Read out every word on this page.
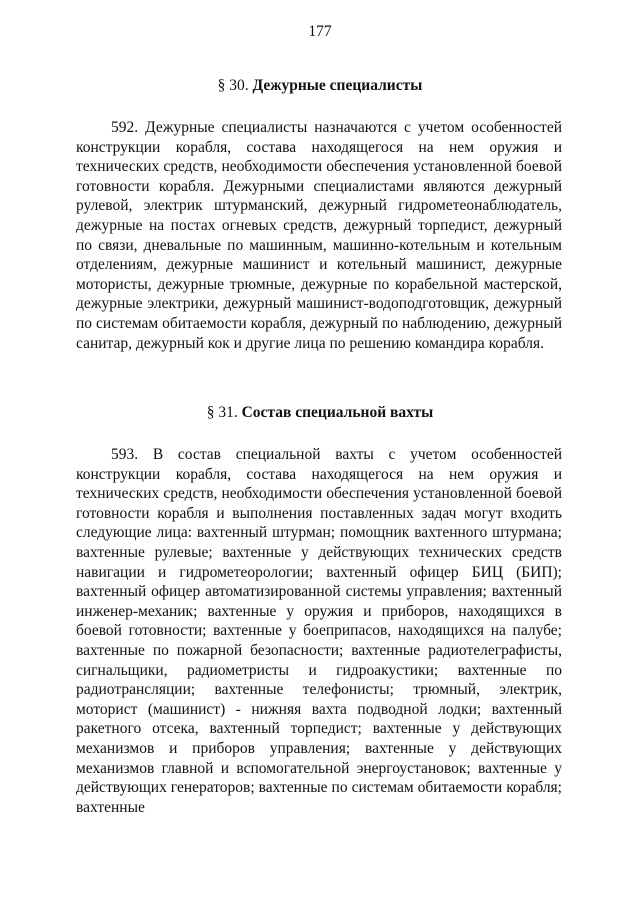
177
§ 30. Дежурные специалисты

592. Дежурные специалисты назначаются с учетом особенностей конструкции корабля, состава находящегося на нем оружия и технических средств, необходимости обеспечения установленной боевой готовности корабля. Дежурными специалистами являются дежурный рулевой, электрик штурманский, дежурный гидрометеонаблюдатель, дежурные на постах огневых средств, дежурный торпедист, дежурный по связи, дневальные по машинным, машинно-котельным и котельным отделениям, дежурные машинист и котельный машинист, дежурные мотористы, дежурные трюмные, дежурные по корабельной мастерской, дежурные электрики, дежурный машинист-водоподготовщик, дежурный по системам обитаемости корабля, дежурный по наблюдению, дежурный санитар, дежурный кок и другие лица по решению командира корабля.

§ 31. Состав специальной вахты

593. В состав специальной вахты с учетом особенностей конструкции корабля, состава находящегося на нем оружия и технических средств, необходимости обеспечения установленной боевой готовности корабля и выполнения поставленных задач могут входить следующие лица: вахтенный штурман; помощник вахтенного штурмана; вахтенные рулевые; вахтенные у действующих технических средств навигации и гидрометеорологии; вахтенный офицер БИЦ (БИП); вахтенный офицер автоматизированной системы управления; вахтенный инженер-механик; вахтенные у оружия и приборов, находящихся в боевой готовности; вахтенные у боеприпасов, находящихся на палубе; вахтенные по пожарной безопасности; вахтенные радиотелеграфисты, сигнальщики, радиометристы и гидроакустики; вахтенные по радиотрансляции; вахтенные телефонисты; трюмный, электрик, моторист (машинист) - нижняя вахта подводной лодки; вахтенный ракетного отсека, вахтенный торпедист; вахтенные у действующих механизмов и приборов управления; вахтенные у действующих механизмов главной и вспомогательной энергоустановок; вахтенные у действующих генераторов; вахтенные по системам обитаемости корабля; вахтенные
